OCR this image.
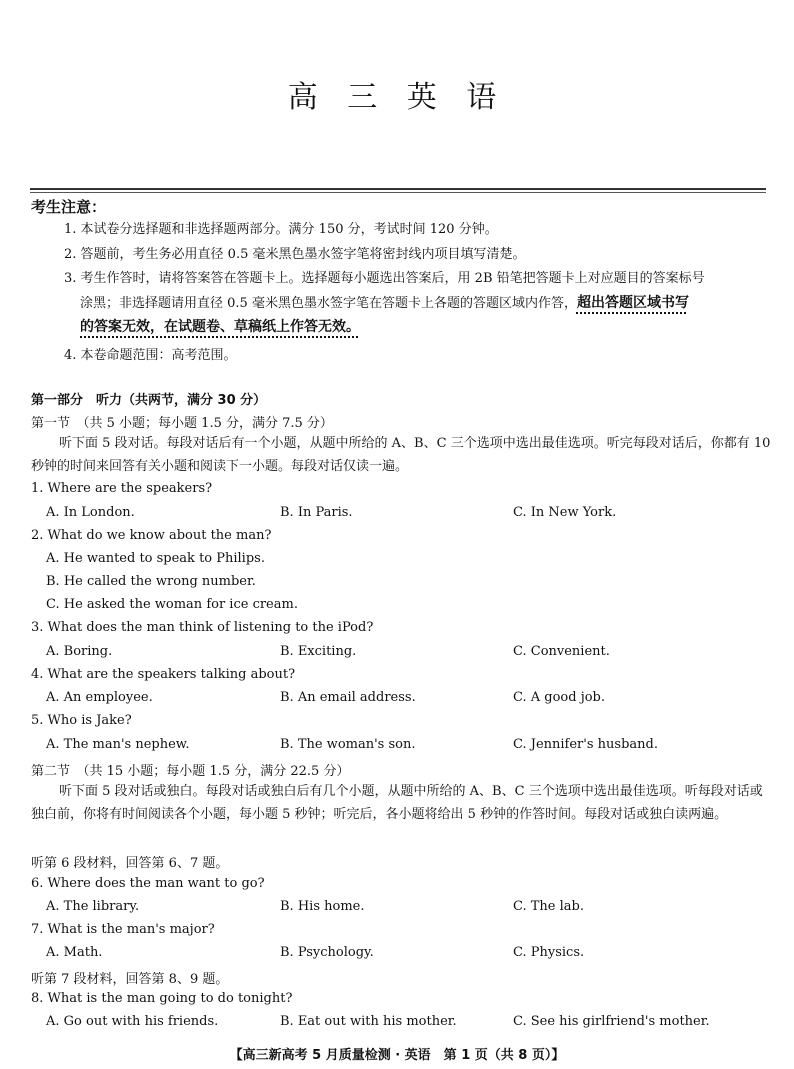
高 三 英 语
考生注意：
1. 本试卷分选择题和非选择题两部分。满分 150 分，考试时间 120 分钟。
2. 答题前，考生务必用直径 0.5 毫米黑色墨水签字笔将密封线内项目填写清楚。
3. 考生作答时，请将答案答在答题卡上。选择题每小题选出答案后，用 2B 铅笔把答题卡上对应题目的答案标号
涂黑；非选择题请用直径 0.5 毫米黑色墨水签字笔在答题卡上各题的答题区域内作答，超出答题区域书写
的答案无效，在试题卷、草稿纸上作答无效。
4. 本卷命题范围：高考范围。
第一部分　听力（共两节，满分 30 分）
第一节　（共 5 小题；每小题 1.5 分，满分 7.5 分）
听下面 5 段对话。每段对话后有一个小题，从题中所给的 A、B、C 三个选项中选出最佳选项。听完每段对话后，你都有 10 秒钟的时间来回答有关小题和阅读下一小题。每段对话仅读一遍。
1. Where are the speakers?
A. In London.	B. In Paris.	C. In New York.
2. What do we know about the man?
A. He wanted to speak to Philips.
B. He called the wrong number.
C. He asked the woman for ice cream.
3. What does the man think of listening to the iPod?
A. Boring.	B. Exciting.	C. Convenient.
4. What are the speakers talking about?
A. An employee.	B. An email address.	C. A good job.
5. Who is Jake?
A. The man's nephew.	B. The woman's son.	C. Jennifer's husband.
第二节　（共 15 小题；每小题 1.5 分，满分 22.5 分）
听下面 5 段对话或独白。每段对话或独白后有几个小题，从题中所给的 A、B、C 三个选项中选出最佳选项。听每段对话或独白前，你将有时间阅读各个小题，每小题 5 秒钟；听完后，各小题将给出 5 秒钟的作答时间。每段对话或独白读两遍。
听第 6 段材料，回答第 6、7 题。
6. Where does the man want to go?
A. The library.	B. His home.	C. The lab.
7. What is the man's major?
A. Math.	B. Psychology.	C. Physics.
听第 7 段材料，回答第 8、9 题。
8. What is the man going to do tonight?
A. Go out with his friends.	B. Eat out with his mother.	C. See his girlfriend's mother.
【高三新高考 5 月质量检测 · 英语　第 1 页（共 8 页）】
